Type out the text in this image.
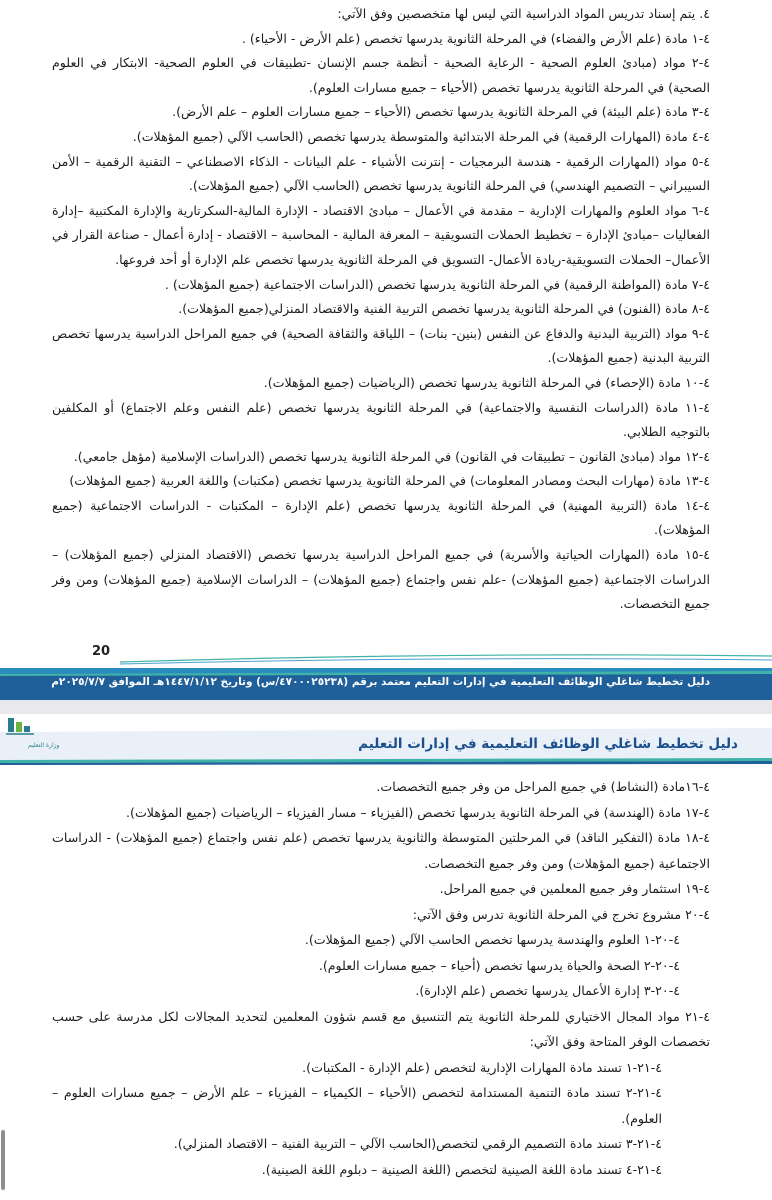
٤. يتم إسناد تدريس المواد الدراسية التي ليس لها متخصصين وفق الآتي:

٤-١ مادة (علم الأرض والفضاء) في المرحلة الثانوية يدرسها تخصص (علم الأرض - الأحياء) .

٤-٢ مواد (مبادئ العلوم الصحية - الرعاية الصحية - أنظمة جسم الإنسان -تطبيقات في العلوم الصحية- الابتكار في العلوم الصحية) في المرحلة الثانوية يدرسها تخصص (الأحياء – جميع مسارات العلوم).

٤-٣ مادة (علم البيئة) في المرحلة الثانوية يدرسها تخصص (الأحياء – جميع مسارات العلوم – علم الأرض).

٤-٤ مادة (المهارات الرقمية) في المرحلة الابتدائية والمتوسطة يدرسها تخصص (الحاسب الآلي (جميع المؤهلات).

٤-٥ مواد (المهارات الرقمية - هندسة البرمجيات - إنترنت الأشياء - علم البيانات - الذكاء الاصطناعي – التقنية الرقمية – الأمن السيبراني – التصميم الهندسي) في المرحلة الثانوية يدرسها تخصص (الحاسب الآلي (جميع المؤهلات).

٤-٦ مواد العلوم والمهارات الإدارية – مقدمة في الأعمال – مبادئ الاقتصاد - الإدارة المالية-السكرتارية والإدارة المكتبية –إدارة الفعاليات –مبادئ الإدارة – تخطيط الحملات التسويقية – المعرفة المالية - المحاسبة – الاقتصاد - إدارة أعمال - صناعة القرار في الأعمال– الحملات التسويقية-ريادة الأعمال- التسويق في المرحلة الثانوية يدرسها تخصص علم الإدارة أو أحد فروعها.

٤-٧ مادة (المواطنة الرقمية) في المرحلة الثانوية يدرسها تخصص (الدراسات الاجتماعية (جميع المؤهلات) .

٤-٨ مادة (الفنون) في المرحلة الثانوية يدرسها تخصص التربية الفنية والاقتصاد المنزلي(جميع المؤهلات).

٤-٩ مواد (التربية البدنية والدفاع عن النفس (بنين- بنات) – اللياقة والثقافة الصحية) في جميع المراحل الدراسية يدرسها تخصص التربية البدنية (جميع المؤهلات).

٤-١٠ مادة (الإحصاء) في المرحلة الثانوية يدرسها تخصص (الرياضيات (جميع المؤهلات).

٤-١١ مادة (الدراسات النفسية والاجتماعية) في المرحلة الثانوية يدرسها تخصص (علم النفس وعلم الاجتماع) أو المكلفين بالتوجيه الطلابي.

٤-١٢ مواد (مبادئ القانون – تطبيقات في القانون) في المرحلة الثانوية يدرسها تخصص (الدراسات الإسلامية (مؤهل جامعي).

٤-١٣ مادة (مهارات البحث ومصادر المعلومات) في المرحلة الثانوية يدرسها تخصص (مكتبات) واللغة العربية (جميع المؤهلات)

٤-١٤ مادة (التربية المهنية) في المرحلة الثانوية يدرسها تخصص (علم الإدارة – المكتبات - الدراسات الاجتماعية (جميع المؤهلات).

٤-١٥ مادة (المهارات الحياتية والأسرية) في جميع المراحل الدراسية يدرسها تخصص (الاقتصاد المنزلي (جميع المؤهلات) – الدراسات الاجتماعية (جميع المؤهلات) -علم نفس واجتماع (جميع المؤهلات) – الدراسات الإسلامية (جميع المؤهلات) ومن وفر جميع التخصصات.

20
دليل تخطيط شاغلي الوظائف التعليمية في إدارات التعليم معتمد برقم (٤٧٠٠٠٢٥٢٣٨/س) وتاريخ ١٤٤٧/١/١٢هـ الموافق ٢٠٢٥/٧/٧م
وزارة التعليم	دليل تخطيط شاغلي الوظائف التعليمية في إدارات التعليم

٤-١٦مادة (النشاط) في جميع المراحل من وفر جميع التخصصات.

٤-١٧ مادة (الهندسة) في المرحلة الثانوية يدرسها تخصص (الفيزياء – مسار الفيزياء – الرياضيات (جميع المؤهلات).

٤-١٨ مادة (التفكير الناقد) في المرحلتين المتوسطة والثانوية يدرسها تخصص (علم نفس واجتماع (جميع المؤهلات) - الدراسات الاجتماعية (جميع المؤهلات) ومن وفر جميع التخصصات.

٤-١٩ استثمار وفر جميع المعلمين في جميع المراحل.

٤-٢٠ مشروع تخرج في المرحلة الثانوية تدرس وفق الآتي:

٤-٢٠-١ العلوم والهندسة يدرسها تخصص الحاسب الآلي (جميع المؤهلات).

٤-٢٠-٢ الصحة والحياة يدرسها تخصص (أحياء – جميع مسارات العلوم).

٤-٢٠-٣ إدارة الأعمال يدرسها تخصص (علم الإدارة).

٤-٢١ مواد المجال الاختياري للمرحلة الثانوية يتم التنسيق مع قسم شؤون المعلمين لتحديد المجالات لكل مدرسة على حسب تخصصات الوفر المتاحة وفق الآتي:

٤-٢١-١ تسند مادة المهارات الإدارية لتخصص (علم الإدارة - المكتبات).

٤-٢١-٢ تسند مادة التنمية المستدامة لتخصص (الأحياء – الكيمياء – الفيزياء – علم الأرض – جميع مسارات العلوم – العلوم).

٤-٢١-٣ تسند مادة التصميم الرقمي لتخصص(الحاسب الآلي – التربية الفنية – الاقتصاد المنزلي).

٤-٢١-٤ تسند مادة اللغة الصينية لتخصص (اللغة الصينية – دبلوم اللغة الصينية).
